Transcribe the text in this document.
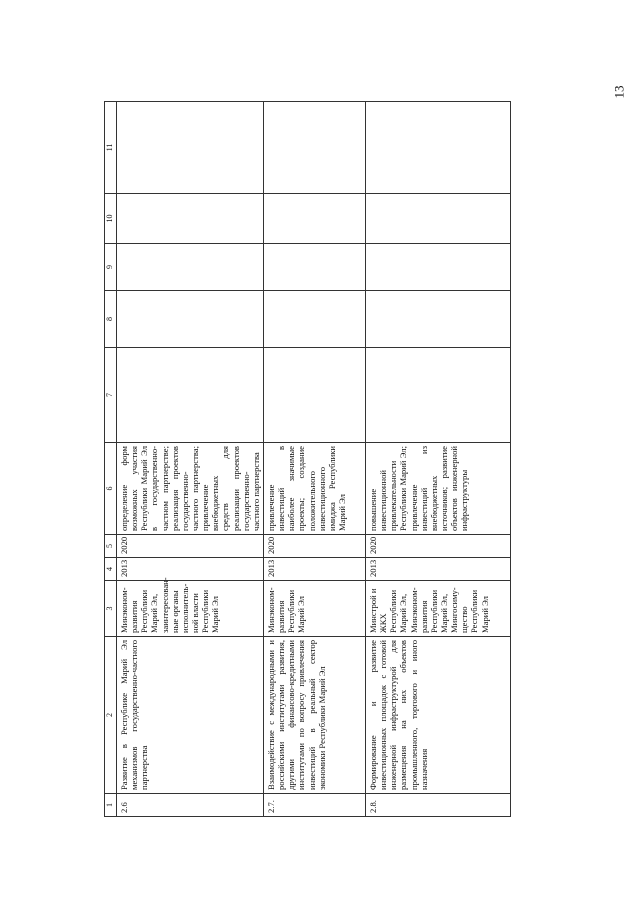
13
1	2	3	4	5	6	7	8	9	10	11
2.6	Развитие в Республике Марий Эл механизмов государственно-частного партнерства	Минэконом-развития Республики Марий Эл, заинтересован-ные органы исполнитель-ной власти Республики Марий Эл	2013	2020	определение форм возможных участия Республики Марий Эл в государственно-частном партнерстве; реализация проектов государственно-частного партнерства; привлечение внебюджетных средств для реализации проектов государственно-частного партнерства					
2.7.	Взаимодействие с международными и российскими институтами развития, другими финансово-кредитными институтами по вопросу привлечения инвестиций в реальный сектор экономики Республики Марий Эл	Минэконом-развития Республики Марий Эл	2013	2020	привлечение инвестиций в наиболее значимые проекты; создание положительного инвестиционного имиджа Республики Марий Эл					
2.8.	Формирование и развитие инвестиционных площадок с готовой инженерной инфраструктурой для размещения на них объектов промышленного, торгового и иного назначения	Минстрой и ЖКХ Республики Марий Эл, Минэконом-развития Республики Марий Эл, Мингосиму-щество Республики Марий Эл	2013	2020	повышение инвестиционной привлекательности Республики Марий Эл; привлечение инвестиций из внебюджетных источников; развитие объектов инженерной инфраструктуры					
